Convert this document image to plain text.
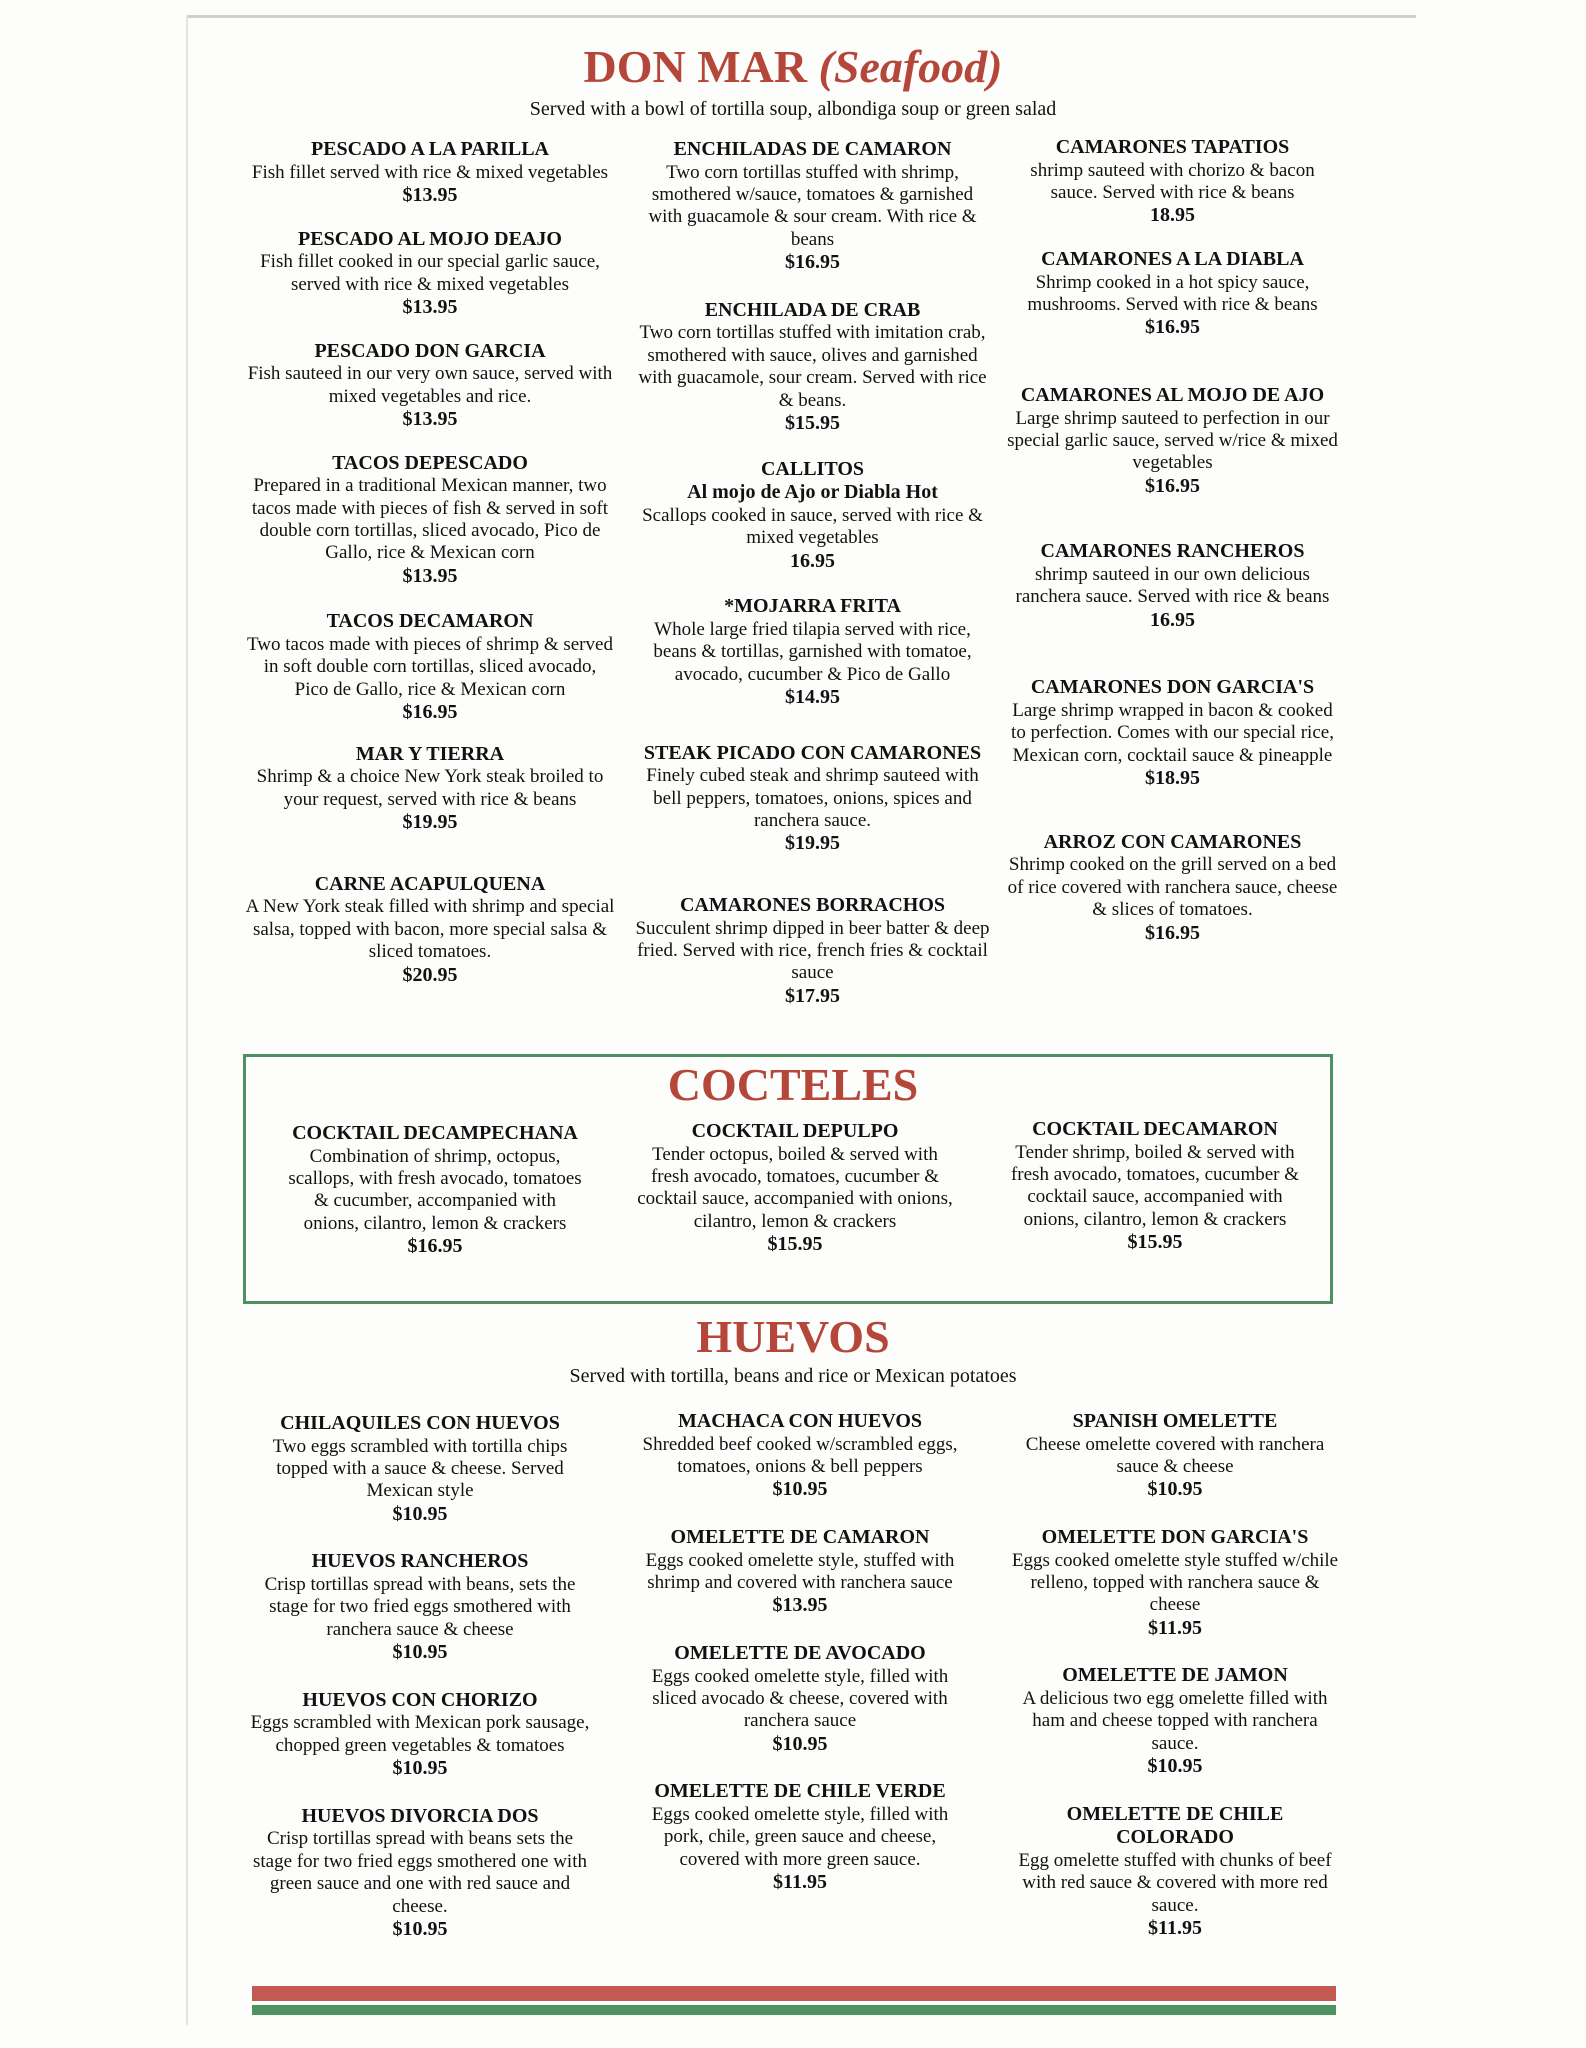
DON MAR (Seafood)

Served with a bowl of tortilla soup, albondiga soup or green salad

PESCADO A LA PARILLA
Fish fillet served with rice & mixed vegetables
$13.95
PESCADO AL MOJO DEAJO
Fish fillet cooked in our special garlic sauce, served with rice & mixed vegetables
$13.95
PESCADO DON GARCIA
Fish sauteed in our very own sauce, served with mixed vegetables and rice.
$13.95
TACOS DEPESCADO
Prepared in a traditional Mexican manner, two tacos made with pieces of fish & served in soft double corn tortillas, sliced avocado, Pico de Gallo, rice & Mexican corn
$13.95
TACOS DECAMARON
Two tacos made with pieces of shrimp & served in soft double corn tortillas, sliced avocado, Pico de Gallo, rice & Mexican corn
$16.95
MAR Y TIERRA
Shrimp & a choice New York steak broiled to your request, served with rice & beans
$19.95
CARNE ACAPULQUENA
A New York steak filled with shrimp and special salsa, topped with bacon, more special salsa & sliced tomatoes.
$20.95
ENCHILADAS DE CAMARON
Two corn tortillas stuffed with shrimp, smothered w/sauce, tomatoes & garnished with guacamole & sour cream. With rice & beans
$16.95
ENCHILADA DE CRAB
Two corn tortillas stuffed with imitation crab, smothered with sauce, olives and garnished with guacamole, sour cream. Served with rice & beans.
$15.95
CALLITOS
Al mojo de Ajo or Diabla Hot
Scallops cooked in sauce, served with rice & mixed vegetables
16.95
*MOJARRA FRITA
Whole large fried tilapia served with rice, beans & tortillas, garnished with tomatoe, avocado, cucumber & Pico de Gallo
$14.95
STEAK PICADO CON CAMARONES
Finely cubed steak and shrimp sauteed with bell peppers, tomatoes, onions, spices and ranchera sauce.
$19.95
CAMARONES BORRACHOS
Succulent shrimp dipped in beer batter & deep fried. Served with rice, french fries & cocktail sauce
$17.95
CAMARONES TAPATIOS
shrimp sauteed with chorizo & bacon sauce. Served with rice & beans
18.95
CAMARONES A LA DIABLA
Shrimp cooked in a hot spicy sauce, mushrooms. Served with rice & beans
$16.95
CAMARONES AL MOJO DE AJO
Large shrimp sauteed to perfection in our special garlic sauce, served w/rice & mixed vegetables
$16.95
CAMARONES RANCHEROS
shrimp sauteed in our own delicious ranchera sauce. Served with rice & beans
16.95
CAMARONES DON GARCIA'S
Large shrimp wrapped in bacon & cooked to perfection. Comes with our special rice, Mexican corn, cocktail sauce & pineapple
$18.95
ARROZ CON CAMARONES
Shrimp cooked on the grill served on a bed of rice covered with ranchera sauce, cheese & slices of tomatoes.
$16.95
COCTELES
COCKTAIL DECAMPECHANA
Combination of shrimp, octopus, scallops, with fresh avocado, tomatoes & cucumber, accompanied with onions, cilantro, lemon & crackers
$16.95
COCKTAIL DEPULPO
Tender octopus, boiled & served with fresh avocado, tomatoes, cucumber & cocktail sauce, accompanied with onions, cilantro, lemon & crackers
$15.95
COCKTAIL DECAMARON
Tender shrimp, boiled & served with fresh avocado, tomatoes, cucumber & cocktail sauce, accompanied with onions, cilantro, lemon & crackers
$15.95
HUEVOS

Served with tortilla, beans and rice or Mexican potatoes

CHILAQUILES CON HUEVOS
Two eggs scrambled with tortilla chips topped with a sauce & cheese. Served Mexican style
$10.95
HUEVOS RANCHEROS
Crisp tortillas spread with beans, sets the stage for two fried eggs smothered with ranchera sauce & cheese
$10.95
HUEVOS CON CHORIZO
Eggs scrambled with Mexican pork sausage, chopped green vegetables & tomatoes
$10.95
HUEVOS DIVORCIA DOS
Crisp tortillas spread with beans sets the stage for two fried eggs smothered one with green sauce and one with red sauce and cheese.
$10.95
MACHACA CON HUEVOS
Shredded beef cooked w/scrambled eggs, tomatoes, onions & bell peppers
$10.95
OMELETTE DE CAMARON
Eggs cooked omelette style, stuffed with shrimp and covered with ranchera sauce
$13.95
OMELETTE DE AVOCADO
Eggs cooked omelette style, filled with sliced avocado & cheese, covered with ranchera sauce
$10.95
OMELETTE DE CHILE VERDE
Eggs cooked omelette style, filled with pork, chile, green sauce and cheese, covered with more green sauce.
$11.95
SPANISH OMELETTE
Cheese omelette covered with ranchera sauce & cheese
$10.95
OMELETTE DON GARCIA'S
Eggs cooked omelette style stuffed w/chile relleno, topped with ranchera sauce & cheese
$11.95
OMELETTE DE JAMON
A delicious two egg omelette filled with ham and cheese topped with ranchera sauce.
$10.95
OMELETTE DE CHILE COLORADO
Egg omelette stuffed with chunks of beef with red sauce & covered with more red sauce.
$11.95
